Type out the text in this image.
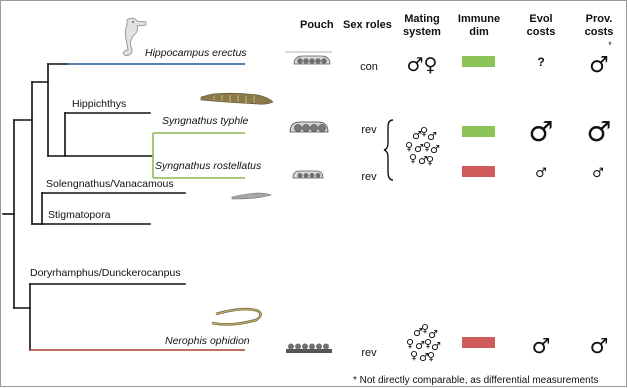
Hippocampus erectus
Hippichthys
Syngnathus typhle
Syngnathus rostellatus
Solengnathus/Vanacamous
Stigmatopora
Doryrhamphus/Dunckerocanpus
Nerophis ophidion
Pouch Sex roles Mating
system
Immune
dim
Evol
costs
Prov.
costs
con
rev
rev
rev
♂♀
♂
♀
♂
♀ ♂ ♀
♂
♀ ♂
♀
♂
♀
♂
♀ ♂ ♀
♂
♀ ♂
♀
?
♂
♂
♂
*
♂
♂
♂
♂
* Not directly comparable, as differential measurements
